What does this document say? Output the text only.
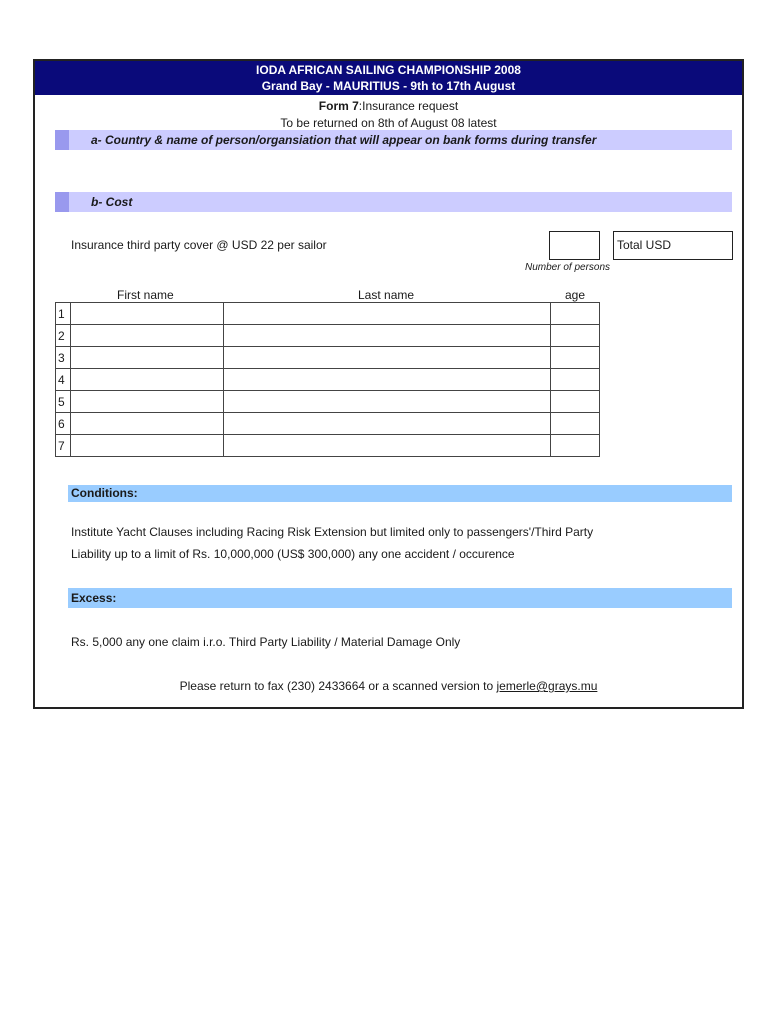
IODA AFRICAN SAILING CHAMPIONSHIP 2008
Grand Bay - MAURITIUS - 9th to 17th August
Form 7:Insurance request
To be returned on 8th of August 08 latest
a- Country & name of person/organsiation that will appear on bank forms during transfer
b- Cost
Insurance third party cover @ USD 22 per sailor
Number of persons
Total USD
First name	Last name	age
1			
2			
3			
4			
5			
6			
7			
Conditions:
Institute Yacht Clauses including Racing Risk Extension but limited only to passengers'/Third Party
Liability up to a limit of Rs. 10,000,000 (US$ 300,000) any one accident / occurence
Excess:
Rs. 5,000 any one claim i.r.o. Third Party Liability / Material Damage Only
Please return to fax (230) 2433664 or a scanned version to jemerle@grays.mu
